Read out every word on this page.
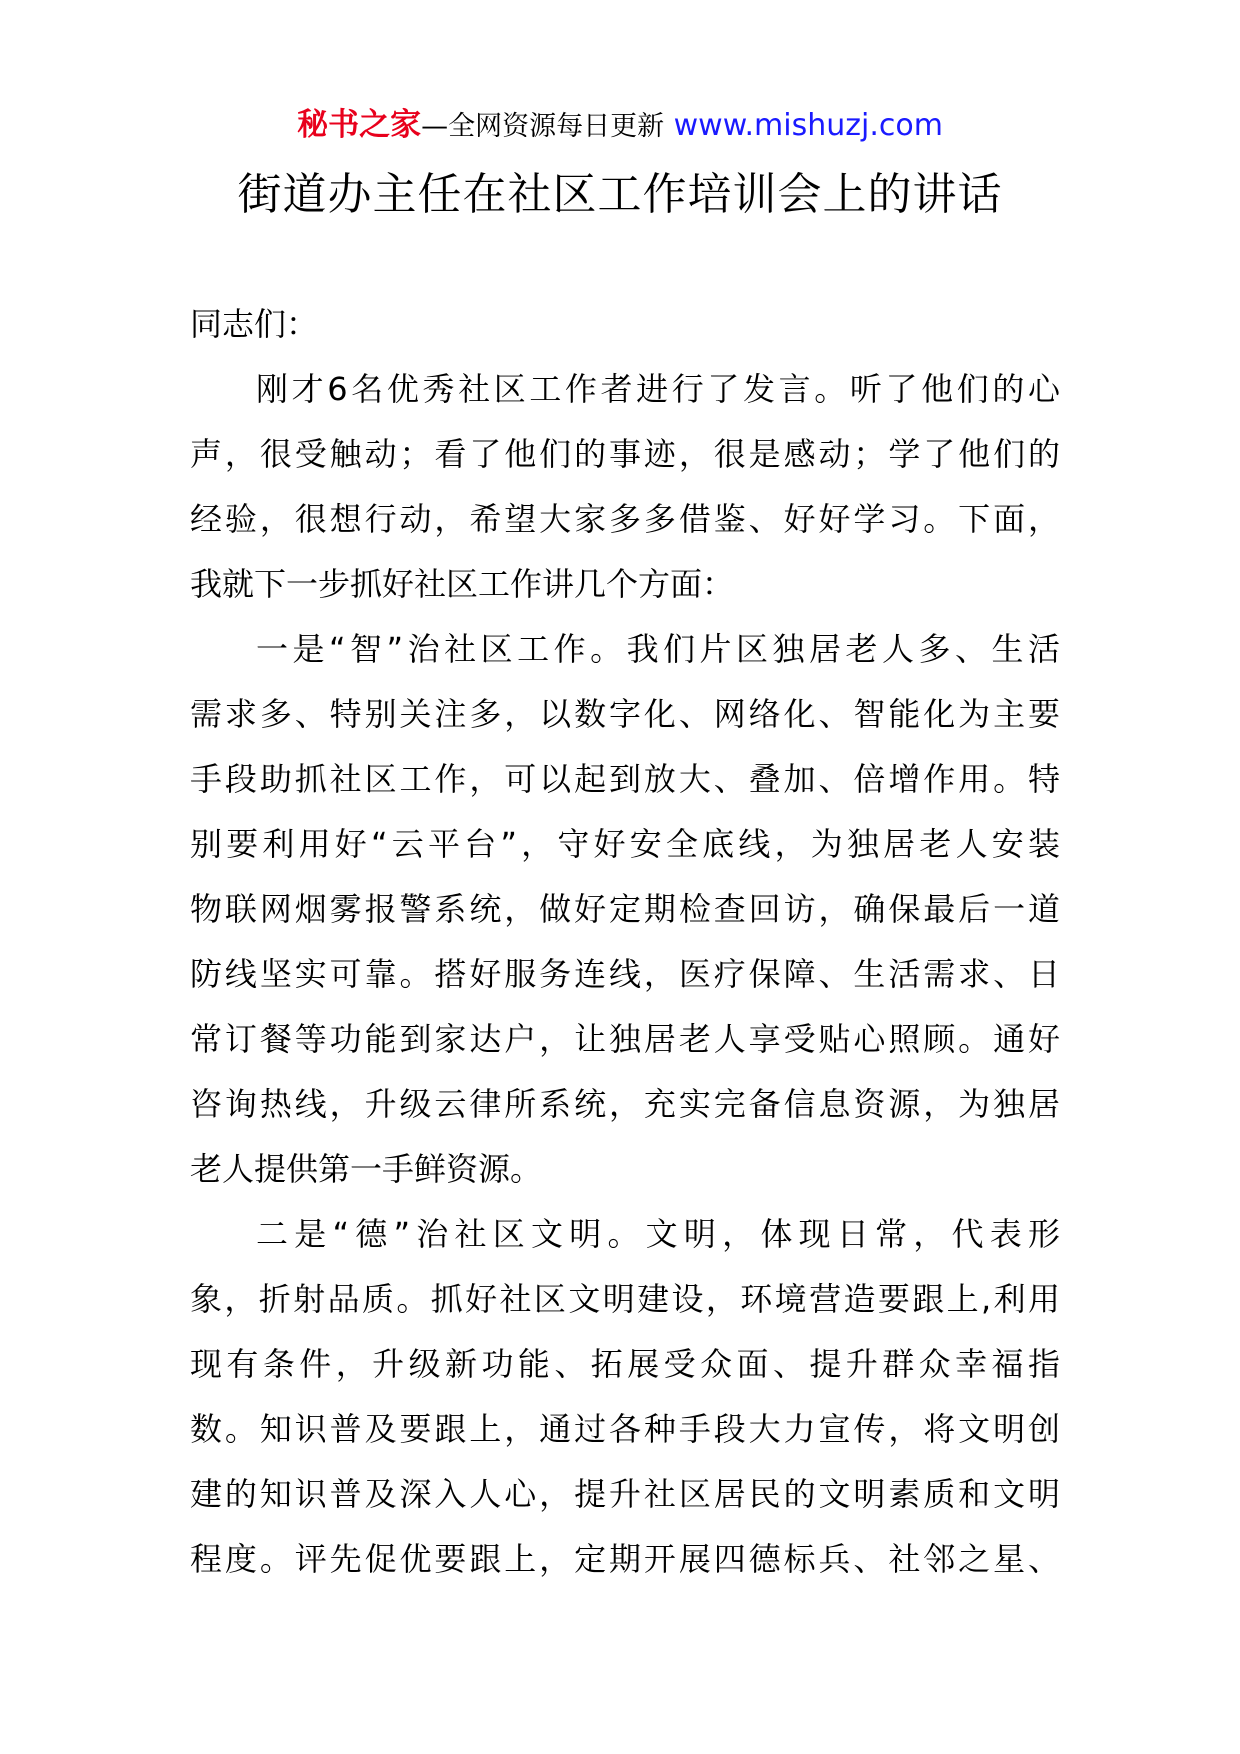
秘书之家—全网资源每日更新 www.mishuzj.com
街道办主任在社区工作培训会上的讲话
同志们：
刚才6名优秀社区工作者进行了发言。听了他们的心
声，很受触动；看了他们的事迹，很是感动；学了他们的
经验，很想行动，希望大家多多借鉴、好好学习。下面，
我就下一步抓好社区工作讲几个方面：
一是“智”治社区工作。我们片区独居老人多、生活
需求多、特别关注多，以数字化、网络化、智能化为主要
手段助抓社区工作，可以起到放大、叠加、倍增作用。特
别要利用好“云平台”，守好安全底线，为独居老人安装
物联网烟雾报警系统，做好定期检查回访，确保最后一道
防线坚实可靠。搭好服务连线，医疗保障、生活需求、日
常订餐等功能到家达户，让独居老人享受贴心照顾。通好
咨询热线，升级云律所系统，充实完备信息资源，为独居
老人提供第一手鲜资源。
二是“德”治社区文明。文明，体现日常，代表形
象，折射品质。抓好社区文明建设，环境营造要跟上,利用
现有条件，升级新功能、拓展受众面、提升群众幸福指
数。知识普及要跟上，通过各种手段大力宣传，将文明创
建的知识普及深入人心，提升社区居民的文明素质和文明
程度。评先促优要跟上，定期开展四德标兵、社邻之星、
